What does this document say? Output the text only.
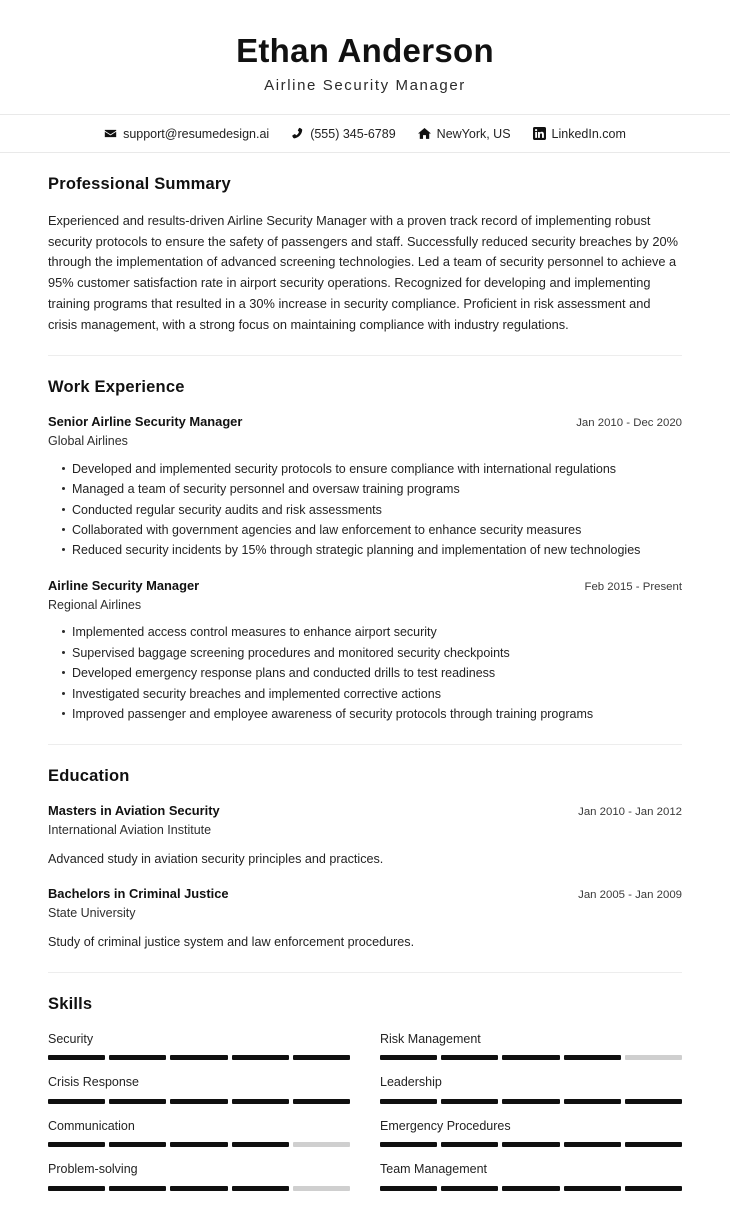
Ethan Anderson
Airline Security Manager
support@resumedesign.ai	(555) 345-6789	NewYork, US	LinkedIn.com
Professional Summary
Experienced and results-driven Airline Security Manager with a proven track record of implementing robust security protocols to ensure the safety of passengers and staff. Successfully reduced security breaches by 20% through the implementation of advanced screening technologies. Led a team of security personnel to achieve a 95% customer satisfaction rate in airport security operations. Recognized for developing and implementing training programs that resulted in a 30% increase in security compliance. Proficient in risk assessment and crisis management, with a strong focus on maintaining compliance with industry regulations.
Work Experience
Senior Airline Security Manager	Jan 2010 - Dec 2020
Global Airlines
Developed and implemented security protocols to ensure compliance with international regulations
Managed a team of security personnel and oversaw training programs
Conducted regular security audits and risk assessments
Collaborated with government agencies and law enforcement to enhance security measures
Reduced security incidents by 15% through strategic planning and implementation of new technologies
Airline Security Manager	Feb 2015 - Present
Regional Airlines
Implemented access control measures to enhance airport security
Supervised baggage screening procedures and monitored security checkpoints
Developed emergency response plans and conducted drills to test readiness
Investigated security breaches and implemented corrective actions
Improved passenger and employee awareness of security protocols through training programs
Education
Masters in Aviation Security	Jan 2010 - Jan 2012
International Aviation Institute
Advanced study in aviation security principles and practices.
Bachelors in Criminal Justice	Jan 2005 - Jan 2009
State University
Study of criminal justice system and law enforcement procedures.
Skills
Security	Risk Management
Crisis Response	Leadership
Communication	Emergency Procedures
Problem-solving	Team Management
